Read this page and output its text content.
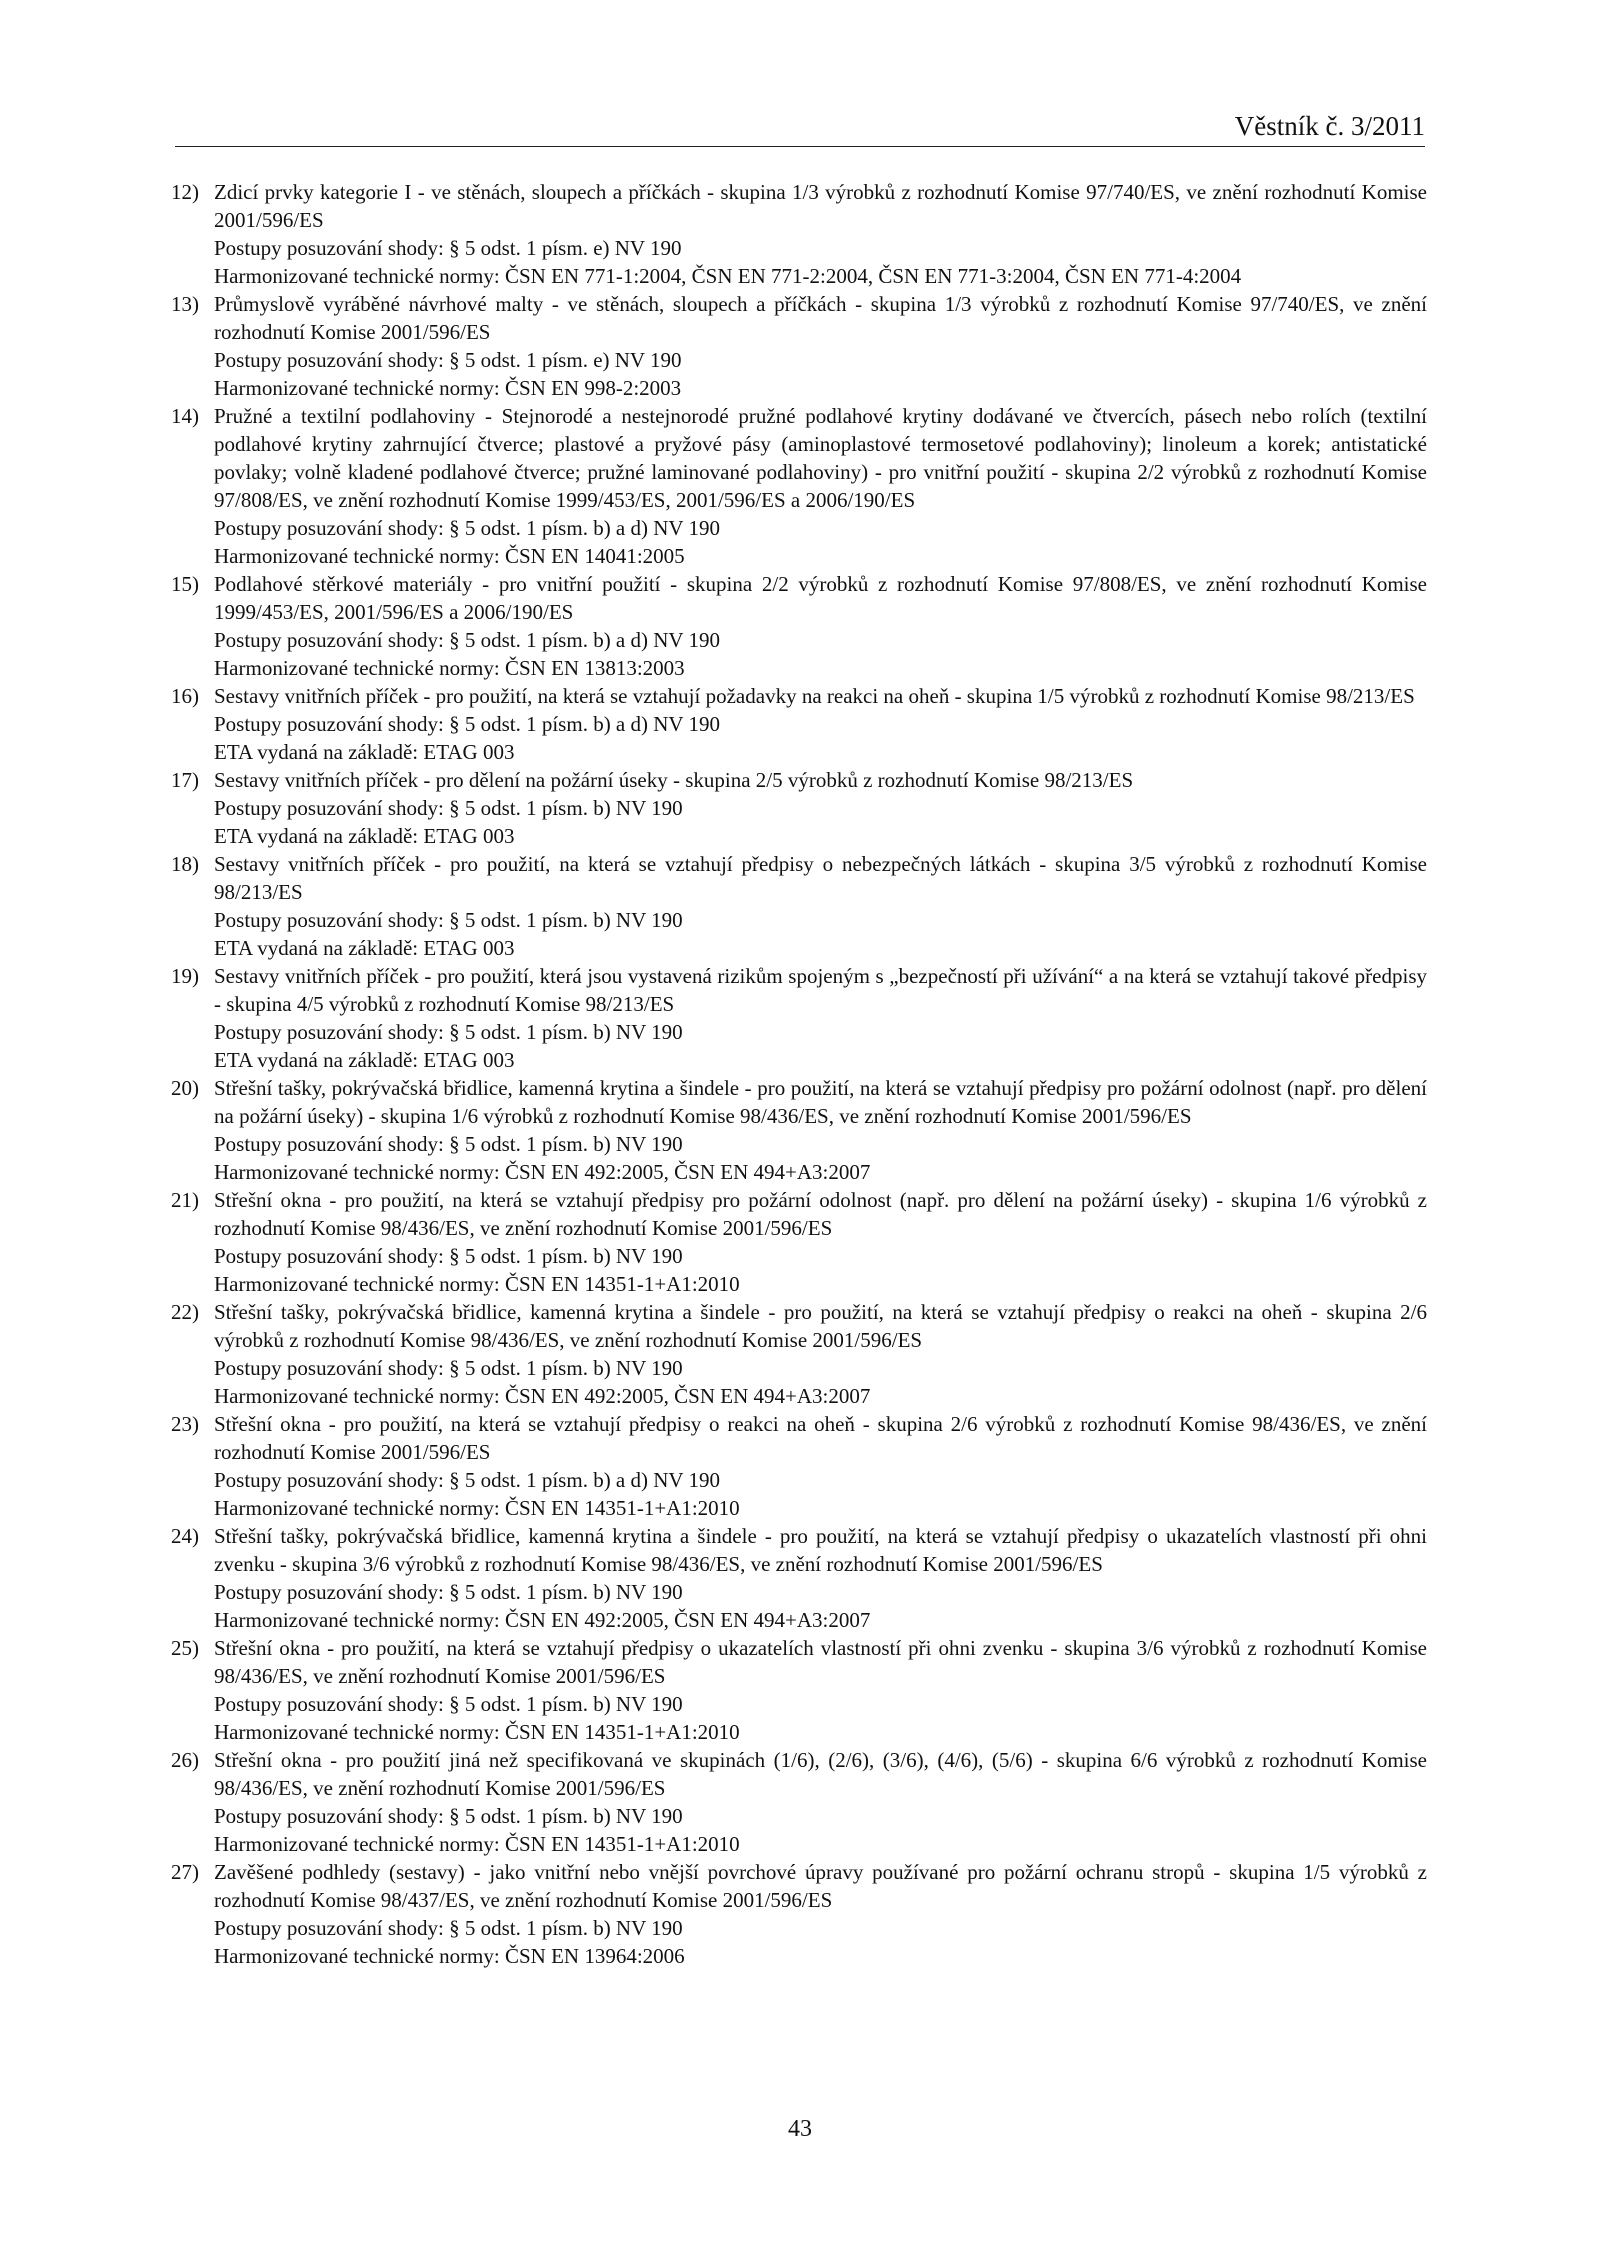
Věstník č. 3/2011
12) Zdicí prvky kategorie I - ve stěnách, sloupech a příčkách - skupina 1/3 výrobků z rozhodnutí Komise 97/740/ES, ve znění rozhodnutí Komise 2001/596/ES
Postupy posuzování shody: § 5 odst. 1 písm. e) NV 190
Harmonizované technické normy: ČSN EN 771-1:2004, ČSN EN 771-2:2004, ČSN EN 771-3:2004, ČSN EN 771-4:2004
13) Průmyslově vyráběné návrhové malty - ve stěnách, sloupech a příčkách - skupina 1/3 výrobků z rozhodnutí Komise 97/740/ES, ve znění rozhodnutí Komise 2001/596/ES
Postupy posuzování shody: § 5 odst. 1 písm. e) NV 190
Harmonizované technické normy: ČSN EN 998-2:2003
14) Pružné a textilní podlahoviny - Stejnorodé a nestejnorodé pružné podlahové krytiny dodávané ve čtvercích, pásech nebo rolích (textilní podlahové krytiny zahrnující čtverce; plastové a pryžové pásy (aminoplastové termosetové podlahoviny); linoleum a korek; antistatické povlaky; volně kladené podlahové čtverce; pružné laminované podlahoviny) - pro vnitřní použití - skupina 2/2 výrobků z rozhodnutí Komise 97/808/ES, ve znění rozhodnutí Komise 1999/453/ES, 2001/596/ES a 2006/190/ES
Postupy posuzování shody: § 5 odst. 1 písm. b) a d) NV 190
Harmonizované technické normy: ČSN EN 14041:2005
15) Podlahové stěrkové materiály - pro vnitřní použití - skupina 2/2 výrobků z rozhodnutí Komise 97/808/ES, ve znění rozhodnutí Komise 1999/453/ES, 2001/596/ES a 2006/190/ES
Postupy posuzování shody: § 5 odst. 1 písm. b) a d) NV 190
Harmonizované technické normy: ČSN EN 13813:2003
16) Sestavy vnitřních příček - pro použití, na která se vztahují požadavky na reakci na oheň - skupina 1/5 výrobků z rozhodnutí Komise 98/213/ES
Postupy posuzování shody: § 5 odst. 1 písm. b) a d) NV 190
ETA vydaná na základě: ETAG 003
17) Sestavy vnitřních příček - pro dělení na požární úseky - skupina 2/5 výrobků z rozhodnutí Komise 98/213/ES
Postupy posuzování shody: § 5 odst. 1 písm. b) NV 190
ETA vydaná na základě: ETAG 003
18) Sestavy vnitřních příček - pro použití, na která se vztahují předpisy o nebezpečných látkách - skupina 3/5 výrobků z rozhodnutí Komise 98/213/ES
Postupy posuzování shody: § 5 odst. 1 písm. b) NV 190
ETA vydaná na základě: ETAG 003
19) Sestavy vnitřních příček - pro použití, která jsou vystavená rizikům spojeným s „bezpečností při užívání“ a na která se vztahují takové předpisy - skupina 4/5 výrobků z rozhodnutí Komise 98/213/ES
Postupy posuzování shody: § 5 odst. 1 písm. b) NV 190
ETA vydaná na základě: ETAG 003
20) Střešní tašky, pokrývačská břidlice, kamenná krytina a šindele - pro použití, na která se vztahují předpisy pro požární odolnost (např. pro dělení na požární úseky) - skupina 1/6 výrobků z rozhodnutí Komise 98/436/ES, ve znění rozhodnutí Komise 2001/596/ES
Postupy posuzování shody: § 5 odst. 1 písm. b) NV 190
Harmonizované technické normy: ČSN EN 492:2005, ČSN EN 494+A3:2007
21) Střešní okna - pro použití, na která se vztahují předpisy pro požární odolnost (např. pro dělení na požární úseky) - skupina 1/6 výrobků z rozhodnutí Komise 98/436/ES, ve znění rozhodnutí Komise 2001/596/ES
Postupy posuzování shody: § 5 odst. 1 písm. b) NV 190
Harmonizované technické normy: ČSN EN 14351-1+A1:2010
22) Střešní tašky, pokrývačská břidlice, kamenná krytina a šindele - pro použití, na která se vztahují předpisy o reakci na oheň - skupina 2/6 výrobků z rozhodnutí Komise 98/436/ES, ve znění rozhodnutí Komise 2001/596/ES
Postupy posuzování shody: § 5 odst. 1 písm. b) NV 190
Harmonizované technické normy: ČSN EN 492:2005, ČSN EN 494+A3:2007
23) Střešní okna - pro použití, na která se vztahují předpisy o reakci na oheň - skupina 2/6 výrobků z rozhodnutí Komise 98/436/ES, ve znění rozhodnutí Komise 2001/596/ES
Postupy posuzování shody: § 5 odst. 1 písm. b) a d) NV 190
Harmonizované technické normy: ČSN EN 14351-1+A1:2010
24) Střešní tašky, pokrývačská břidlice, kamenná krytina a šindele - pro použití, na která se vztahují předpisy o ukazatelích vlastností při ohni zvenku - skupina 3/6 výrobků z rozhodnutí Komise 98/436/ES, ve znění rozhodnutí Komise 2001/596/ES
Postupy posuzování shody: § 5 odst. 1 písm. b) NV 190
Harmonizované technické normy: ČSN EN 492:2005, ČSN EN 494+A3:2007
25) Střešní okna - pro použití, na která se vztahují předpisy o ukazatelích vlastností při ohni zvenku - skupina 3/6 výrobků z rozhodnutí Komise 98/436/ES, ve znění rozhodnutí Komise 2001/596/ES
Postupy posuzování shody: § 5 odst. 1 písm. b) NV 190
Harmonizované technické normy: ČSN EN 14351-1+A1:2010
26) Střešní okna - pro použití jiná než specifikovaná ve skupinách (1/6), (2/6), (3/6), (4/6), (5/6) - skupina 6/6 výrobků z rozhodnutí Komise 98/436/ES, ve znění rozhodnutí Komise 2001/596/ES
Postupy posuzování shody: § 5 odst. 1 písm. b) NV 190
Harmonizované technické normy: ČSN EN 14351-1+A1:2010
27) Zavěšené podhledy (sestavy) - jako vnitřní nebo vnější povrchové úpravy používané pro požární ochranu stropů - skupina 1/5 výrobků z rozhodnutí Komise 98/437/ES, ve znění rozhodnutí Komise 2001/596/ES
Postupy posuzování shody: § 5 odst. 1 písm. b) NV 190
Harmonizované technické normy: ČSN EN 13964:2006
43
